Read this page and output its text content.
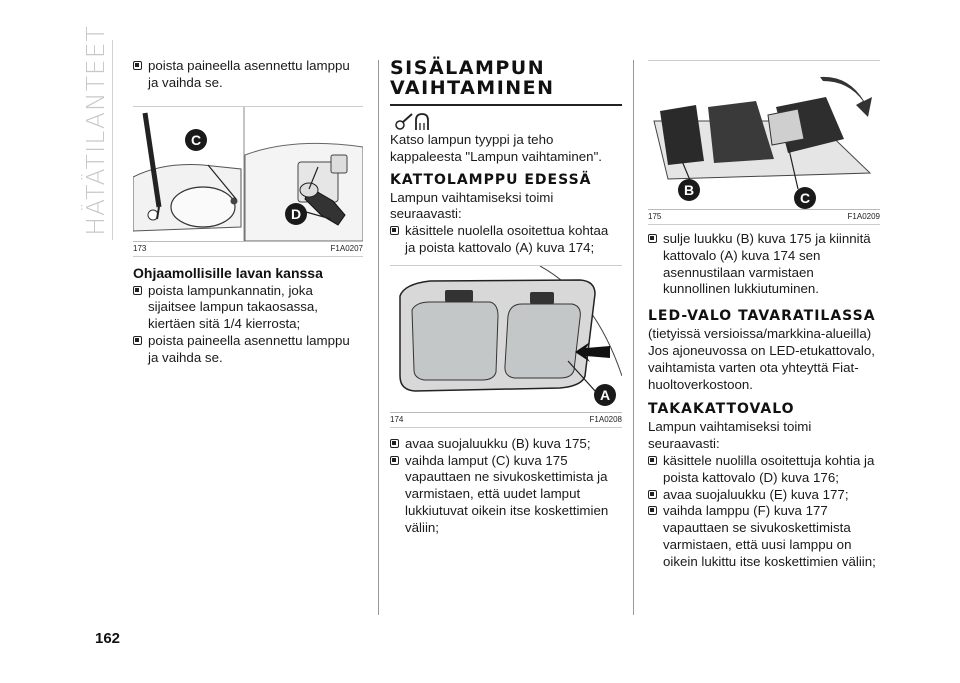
HÄTÄTILANTEET	poista paineella asennettu lamppu ja vaihda se.

C
D
173	F1A0207
Ohjaamollisille lavan kanssa

poista lampunkannatin, joka sijaitsee lampun takaosassa, kiertäen sitä 1/4 kierrosta;

poista paineella asennettu lamppu ja vaihda se.

SISÄLAMPUN VAIHTAMINEN

Katso lampun tyyppi ja teho kappaleesta "Lampun vaihtaminen".

KATTOLAMPPU EDESSÄ

Lampun vaihtamiseksi toimi seuraavasti:

käsittele nuolella osoitettua kohtaa ja poista kattovalo (A) kuva 174;

A
174	F1A0208

avaa suojaluukku (B) kuva 175;

vaihda lamput (C) kuva 175 vapauttaen ne sivukoskettimista ja varmistaen, että uudet lamput lukkiutuvat oikein itse koskettimien väliin;

B	C
175	F1A0209

sulje luukku (B) kuva 175 ja kiinnitä kattovalo (A) kuva 174 sen asennustilaan varmistaen kunnollinen lukkiutuminen.

LED-VALO TAVARATILASSA

(tietyissä versioissa/markkina-alueilla)

Jos ajoneuvossa on LED-etukattovalo, vaihtamista varten ota yhteyttä Fiat-huoltoverkostoon.

TAKAKATTOVALO

Lampun vaihtamiseksi toimi seuraavasti:

käsittele nuolilla osoitettuja kohtia ja poista kattovalo (D) kuva 176;

avaa suojaluukku (E) kuva 177;

vaihda lamppu (F) kuva 177 vapauttaen se sivukoskettimista varmistaen, että uusi lamppu on oikein lukittu itse koskettimien väliin;

162
